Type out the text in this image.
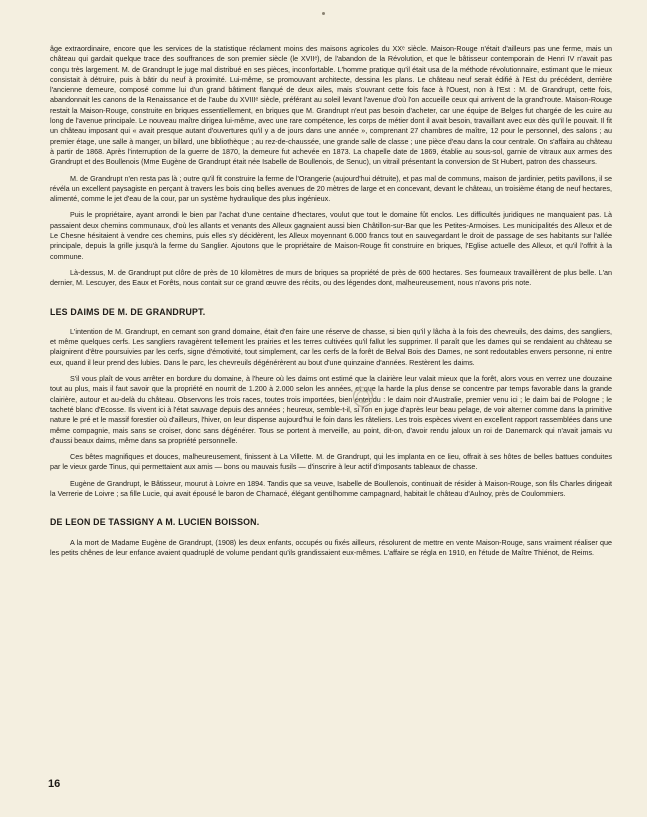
âge extraordinaire, encore que les services de la statistique réclament moins des maisons agricoles du XXᵉ siècle. Maison-Rouge n'était d'ailleurs pas une ferme, mais un château qui gardait quelque trace des souffrances de son premier siècle (le XVIIᵉ), de l'abandon de la Révolution, et que le bâtisseur contemporain de Henri IV n'avait pas conçu très largement. M. de Grandrupt le juge mal distribué en ses pièces, inconfortable. L'homme pratique qu'il était usa de la méthode révolutionnaire, estimant que le mieux consistait à détruire, puis à bâtir du neuf à proximité. Lui-même, se promouvant architecte, dessina les plans. Le château neuf serait édifié à l'Est du précédent, derrière l'ancienne demeure, composé comme lui d'un grand bâtiment flanqué de deux ailes, mais s'ouvrant cette fois face à l'Ouest, non à l'Est : M. de Grandrupt, cette fois, abandonnait les canons de la Renaissance et de l'aube du XVIIIᵉ siècle, préférant au soleil levant l'avenue d'où l'on accueille ceux qui arrivent de la grand'route. Maison-Rouge restait la Maison-Rouge, construite en briques essentiellement, en briques que M. Grandrupt n'eut pas besoin d'acheter, car une équipe de Belges fut chargée de les cuire au long de l'avenue principale. Le nouveau maître dirigea lui-même, avec une rare compétence, les corps de métier dont il avait besoin, travaillant avec eux dès qu'il le pouvait. Il fit un château imposant qui « avait presque autant d'ouvertures qu'il y a de jours dans une année », comprenant 27 chambres de maître, 12 pour le personnel, des salons ; au premier étage, une salle à manger, un billard, une bibliothèque ; au rez-de-chaussée, une grande salle de classe ; une pièce d'eau dans la cour centrale. On s'affaira au château à partir de 1868. Après l'interruption de la guerre de 1870, la demeure fut achevée en 1873. La chapelle date de 1869, établie au sous-sol, garnie de vitraux aux armes des Grandrupt et des Boullenois (Mme Eugène de Grandrupt était née Isabelle de Boullenois, de Senuc), un vitrail présentant la conversion de St Hubert, patron des chasseurs.

M. de Grandrupt n'en resta pas là ; outre qu'il fit construire la ferme de l'Orangerie (aujourd'hui détruite), et pas mal de communs, maison de jardinier, petits pavillons, il se révéla un excellent paysagiste en perçant à travers les bois cinq belles avenues de 20 mètres de large et en concevant, devant le château, un troisième étang de neuf hectares, alimenté, comme le jet d'eau de la cour, par un système hydraulique des plus ingénieux.

Puis le propriétaire, ayant arrondi le bien par l'achat d'une centaine d'hectares, voulut que tout le domaine fût enclos. Les difficultés juridiques ne manquaient pas. Là passaient deux chemins communaux, d'où les allants et venants des Alleux gagnaient aussi bien Châtillon-sur-Bar que les Petites-Armoises. Les municipalités des Alleux et de Le Chesne hésitaient à vendre ces chemins, puis elles s'y décidèrent, les Alleux moyennant 6.000 francs tout en sauvegardant le droit de passage de ses habitants sur l'allée principale, depuis la grille jusqu'à la ferme du Sanglier. Ajoutons que le propriétaire de Maison-Rouge fit construire en briques, l'Eglise actuelle des Alleux, et qu'il l'offrit à la commune.

Là-dessus, M. de Grandrupt put clôre de près de 10 kilomètres de murs de briques sa propriété de près de 600 hectares. Ses fourneaux travaillèrent de plus belle. L'an dernier, M. Lescuyer, des Eaux et Forêts, nous contait sur ce grand œuvre des récits, ou des légendes dont, malheureusement, nous n'avons pris note.

LES DAIMS DE M. DE GRANDRUPT.

L'intention de M. Grandrupt, en cernant son grand domaine, était d'en faire une réserve de chasse, si bien qu'il y lâcha à la fois des chevreuils, des daims, des sangliers, et même quelques cerfs. Les sangliers ravagèrent tellement les prairies et les terres cultivées qu'il fallut les supprimer. Il paraît que les dames qui se rendaient au château se plaignirent d'être poursuivies par les cerfs, signe d'émotivité, tout simplement, car les cerfs de la forêt de Belval Bois des Dames, ne sont redoutables envers personne, ni entre eux, quand il leur prend des lubies. Dans le parc, les chevreuils dégénérèrent au bout d'une quinzaine d'années. Restèrent les daims.

S'il vous plaît de vous arrêter en bordure du domaine, à l'heure où les daims ont estimé que la clairière leur valait mieux que la forêt, alors vous en verrez une douzaine tout au plus, mais il faut savoir que la propriété en nourrit de 1.200 à 2.000 selon les années, et que la harde la plus dense se concentre par temps favorable dans la grande clairière, autour et au-delà du château. Observons les trois races, toutes trois importées, bien entendu : le daim noir d'Australie, premier venu ici ; le daim bai de Pologne ; le tacheté blanc d'Ecosse. Ils vivent ici à l'état sauvage depuis des années ; heureux, semble-t-il, si l'on en juge d'après leur beau pelage, de voir alterner comme dans la primitive nature le pré et le massif forestier où d'ailleurs, l'hiver, on leur dispense aujourd'hui le foin dans les râteliers. Les trois espèces vivent en excellent rapport rassemblées dans une même compagnie, mais sans se croiser, donc sans dégénérer. Tous se portent à merveille, au point, dit-on, d'avoir rendu jaloux un roi de Danemarck qui n'avait jamais vu d'aussi beaux daims, même dans sa propriété personnelle.

Ces bêtes magnifiques et douces, malheureusement, finissent à La Villette. M. de Grandrupt, qui les implanta en ce lieu, offrait à ses hôtes de belles battues conduites par le vieux garde Tinus, qui permettaient aux amis — bons ou mauvais fusils — d'inscrire à leur actif d'imposants tableaux de chasse.

Eugène de Grandrupt, le Bâtisseur, mourut à Loivre en 1894. Tandis que sa veuve, Isabelle de Boullenois, continuait de résider à Maison-Rouge, son fils Charles dirigeait la Verrerie de Loivre ; sa fille Lucie, qui avait épousé le baron de Charnacé, élégant gentilhomme campagnard, habitait le château d'Aulnoy, près de Coulommiers.

DE LEON DE TASSIGNY A M. LUCIEN BOISSON.

A la mort de Madame Eugène de Grandrupt, (1908) les deux enfants, occupés ou fixés ailleurs, résolurent de mettre en vente Maison-Rouge, sans vraiment réaliser que les petits chênes de leur enfance avaient quadruplé de volume pendant qu'ils grandissaient eux-mêmes. L'affaire se régla en 1910, en l'étude de Maître Thiénot, de Reims.

16
